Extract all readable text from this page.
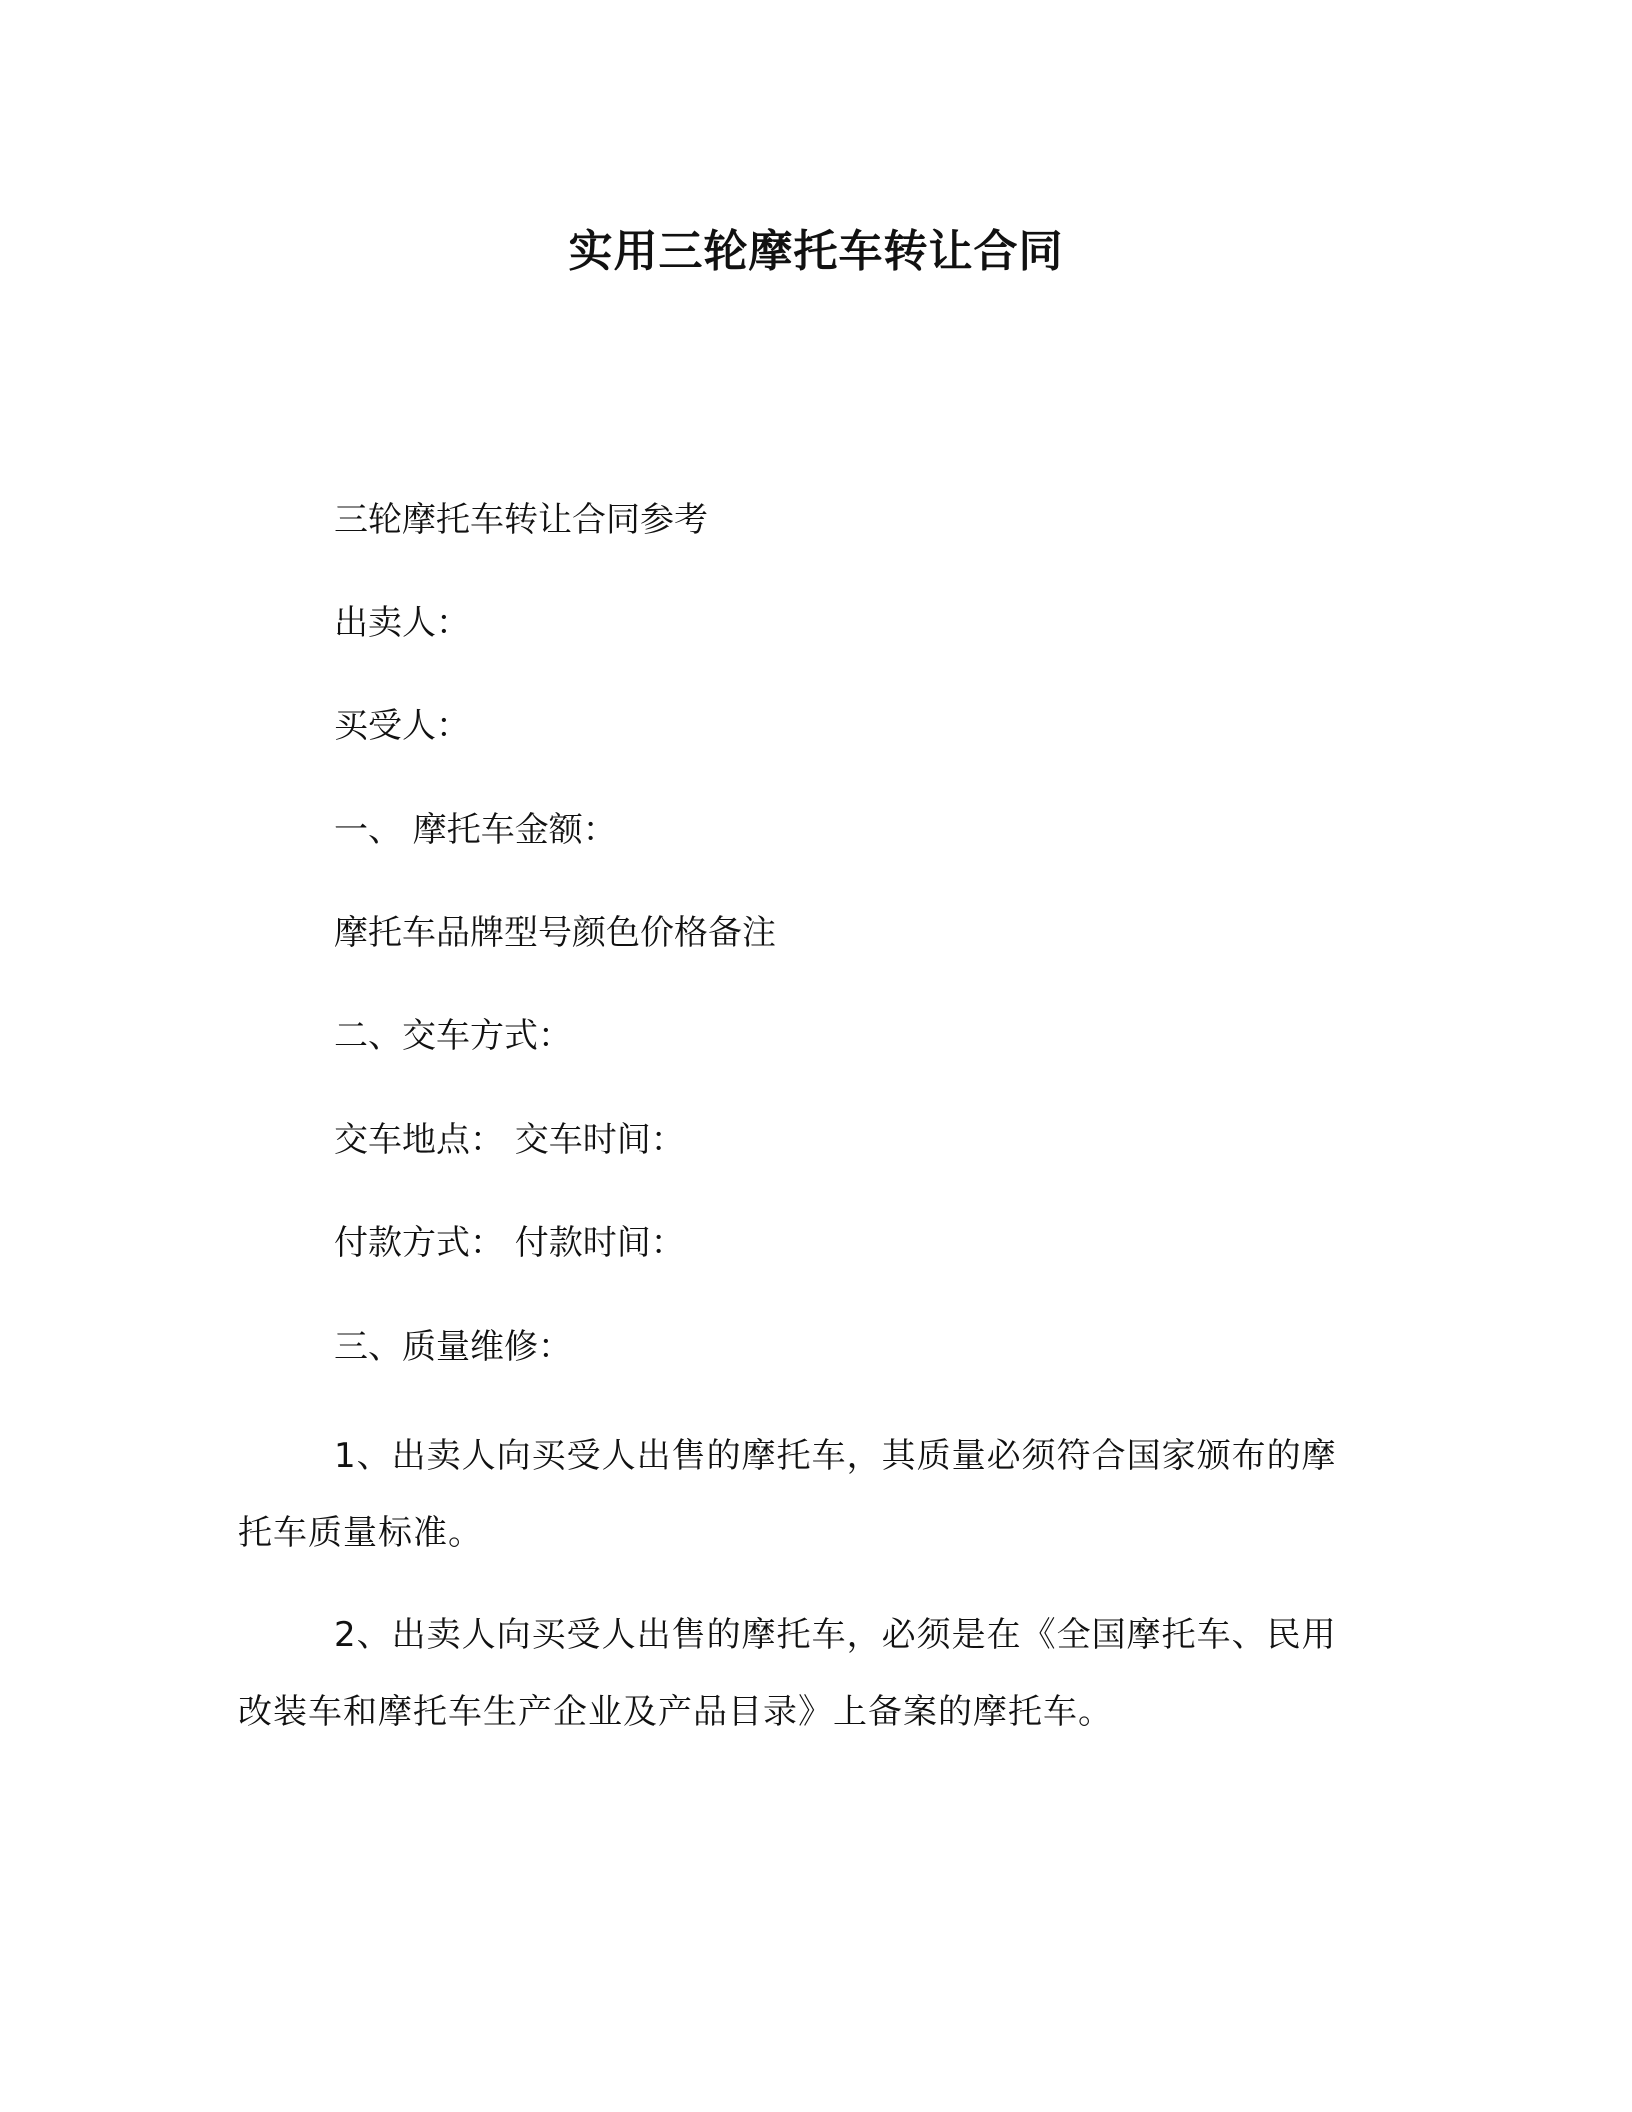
实用三轮摩托车转让合同
三轮摩托车转让合同参考
出卖人：
买受人：
一、 摩托车金额：
摩托车品牌型号颜色价格备注
二、交车方式：
交车地点： 交车时间：
付款方式： 付款时间：
三、质量维修：
1、出卖人向买受人出售的摩托车，其质量必须符合国家颁布的摩托车质量标准。
2、出卖人向买受人出售的摩托车，必须是在《全国摩托车、民用改装车和摩托车生产企业及产品目录》上备案的摩托车。
